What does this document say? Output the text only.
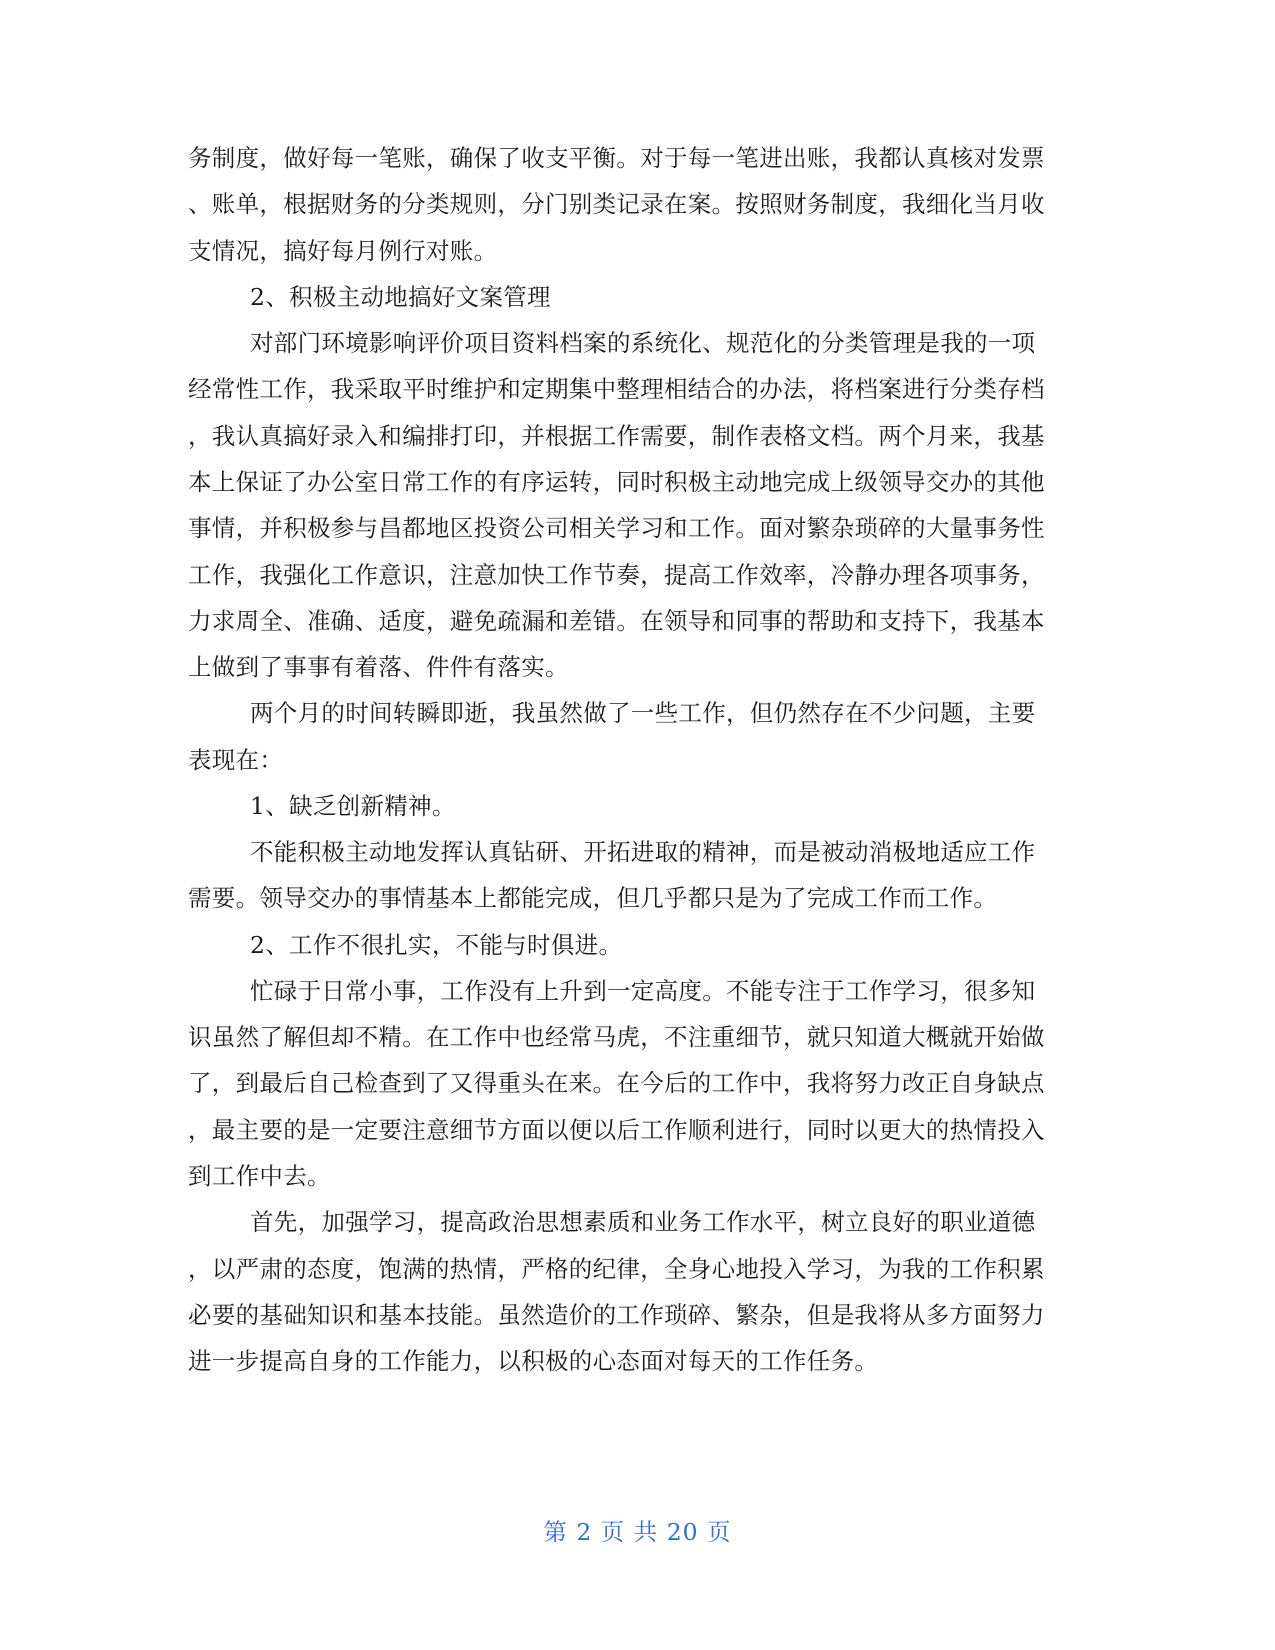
务制度，做好每一笔账，确保了收支平衡。对于每一笔进出账，我都认真核对发票
、账单，根据财务的分类规则，分门别类记录在案。按照财务制度，我细化当月收
支情况，搞好每月例行对账。
2、积极主动地搞好文案管理
对部门环境影响评价项目资料档案的系统化、规范化的分类管理是我的一项
经常性工作，我采取平时维护和定期集中整理相结合的办法，将档案进行分类存档
，我认真搞好录入和编排打印，并根据工作需要，制作表格文档。两个月来，我基
本上保证了办公室日常工作的有序运转，同时积极主动地完成上级领导交办的其他
事情，并积极参与昌都地区投资公司相关学习和工作。面对繁杂琐碎的大量事务性
工作，我强化工作意识，注意加快工作节奏，提高工作效率，冷静办理各项事务，
力求周全、准确、适度，避免疏漏和差错。在领导和同事的帮助和支持下，我基本
上做到了事事有着落、件件有落实。
两个月的时间转瞬即逝，我虽然做了一些工作，但仍然存在不少问题，主要
表现在：
1、缺乏创新精神。
不能积极主动地发挥认真钻研、开拓进取的精神，而是被动消极地适应工作
需要。领导交办的事情基本上都能完成，但几乎都只是为了完成工作而工作。
2、工作不很扎实，不能与时俱进。
忙碌于日常小事，工作没有上升到一定高度。不能专注于工作学习，很多知
识虽然了解但却不精。在工作中也经常马虎，不注重细节，就只知道大概就开始做
了，到最后自己检查到了又得重头在来。在今后的工作中，我将努力改正自身缺点
，最主要的是一定要注意细节方面以便以后工作顺利进行，同时以更大的热情投入
到工作中去。
首先，加强学习，提高政治思想素质和业务工作水平，树立良好的职业道德
，以严肃的态度，饱满的热情，严格的纪律，全身心地投入学习，为我的工作积累
必要的基础知识和基本技能。虽然造价的工作琐碎、繁杂，但是我将从多方面努力
进一步提高自身的工作能力，以积极的心态面对每天的工作任务。
第 2 页 共 20 页
